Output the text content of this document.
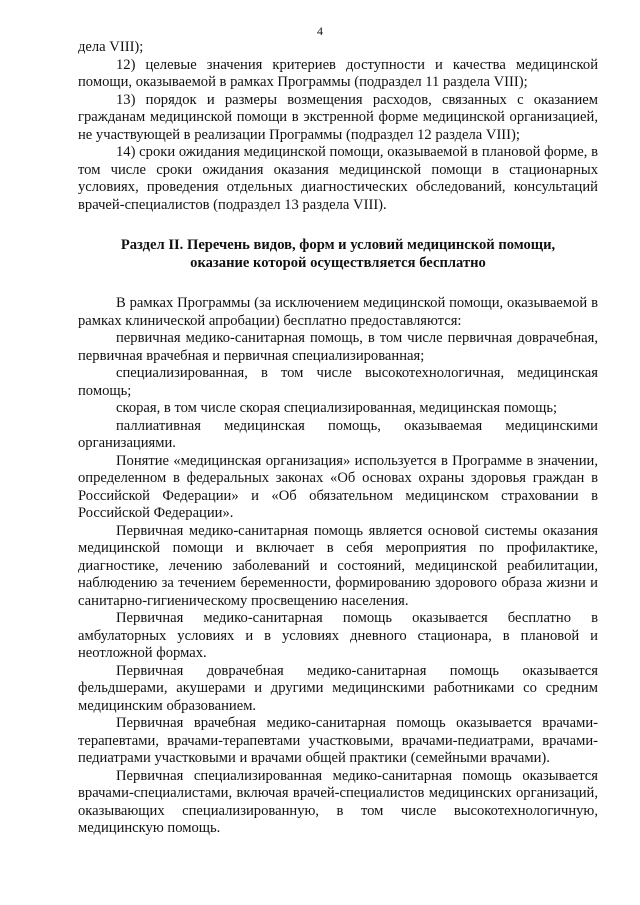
4

дела VIII);

12) целевые значения критериев доступности и качества медицинской помощи, оказываемой в рамках Программы (подраздел 11 раздела VIII);

13) порядок и размеры возмещения расходов, связанных с оказанием гражданам медицинской помощи в экстренной форме медицинской организацией, не участвующей в реализации Программы (подраздел 12 раздела VIII);

14) сроки ожидания медицинской помощи, оказываемой в плановой форме, в том числе сроки ожидания оказания медицинской помощи в стационарных условиях, проведения отдельных диагностических обследований, консультаций врачей-специалистов (подраздел 13 раздела VIII).

Раздел II. Перечень видов, форм и условий медицинской помощи,
оказание которой осуществляется бесплатно

В рамках Программы (за исключением медицинской помощи, оказываемой в рамках клинической апробации) бесплатно предоставляются:

первичная медико-санитарная помощь, в том числе первичная доврачебная, первичная врачебная и первичная специализированная;

специализированная, в том числе высокотехнологичная, медицинская помощь;

скорая, в том числе скорая специализированная, медицинская помощь;

паллиативная медицинская помощь, оказываемая медицинскими организациями.

Понятие «медицинская организация» используется в Программе в значении, определенном в федеральных законах «Об основах охраны здоровья граждан в Российской Федерации» и «Об обязательном медицинском страховании в Российской Федерации».

Первичная медико-санитарная помощь является основой системы оказания медицинской помощи и включает в себя мероприятия по профилактике, диагностике, лечению заболеваний и состояний, медицинской реабилитации, наблюдению за течением беременности, формированию здорового образа жизни и санитарно-гигиеническому просвещению населения.

Первичная медико-санитарная помощь оказывается бесплатно в амбулаторных условиях и в условиях дневного стационара, в плановой и неотложной формах.

Первичная доврачебная медико-санитарная помощь оказывается фельдшерами, акушерами и другими медицинскими работниками со средним медицинским образованием.

Первичная врачебная медико-санитарная помощь оказывается врачами-терапевтами, врачами-терапевтами участковыми, врачами-педиатрами, врачами-педиатрами участковыми и врачами общей практики (семейными врачами).

Первичная специализированная медико-санитарная помощь оказывается врачами-специалистами, включая врачей-специалистов медицинских организаций, оказывающих специализированную, в том числе высокотехнологичную, медицинскую помощь.
